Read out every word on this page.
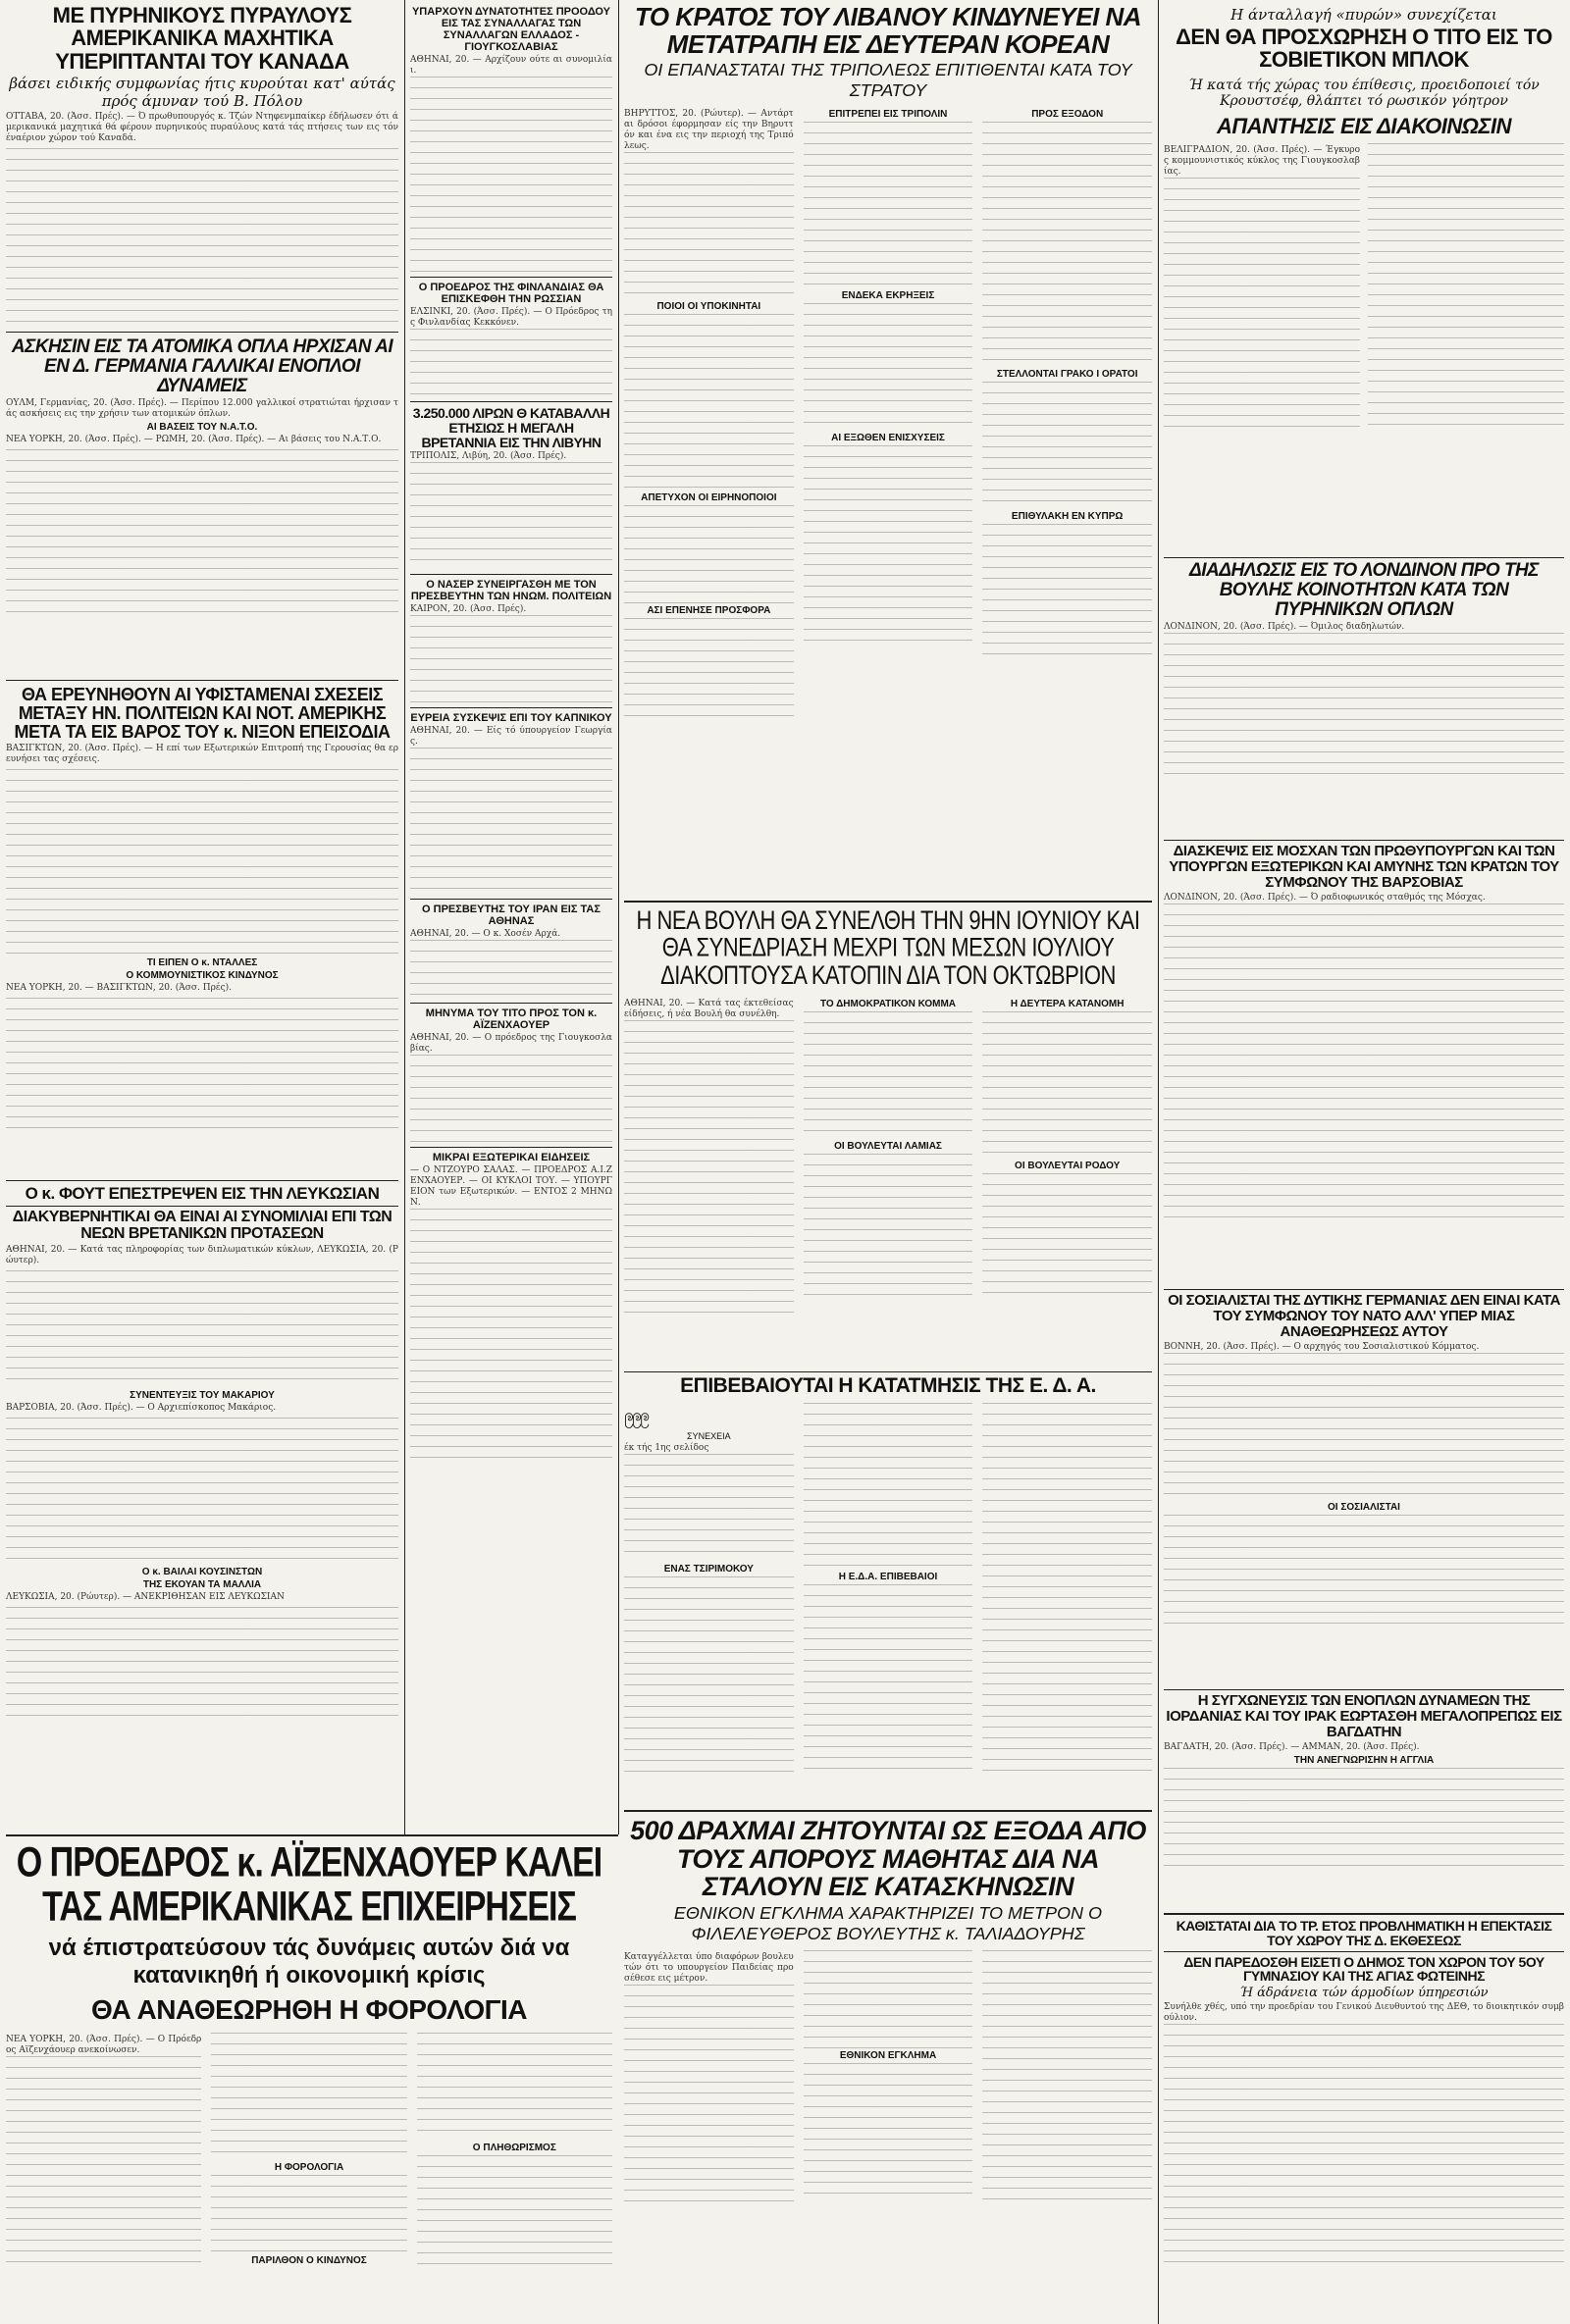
ΜΕ ΠΥΡΗΝΙΚΟΥΣ ΠΥΡΑΥΛΟΥΣ ΑΜΕΡΙΚΑΝΙΚΑ ΜΑΧΗΤΙΚΑ ΥΠΕΡΙΠΤΑΝΤΑΙ ΤΟΥ ΚΑΝΑΔΑ

βάσει ειδικής συμφωνίας ήτις κυρούται κατ' αύτάς πρός άμυναν τού Β. Πόλου

ΟΤΤΑΒΑ, 20. (Άσσ. Πρές). — Ό πρωθυπουργός κ. Τζών Ντηφενμπαίκερ έδήλωσεν ότι άμερικανικά μαχητικά θά φέρουν πυρηνικούς πυραύλους κατά τάς πτήσεις των εις τόν έναέριον χώρον τού Καναδά.

ΑΣΚΗΣΙΝ ΕΙΣ ΤΑ ΑΤΟΜΙΚΑ ΟΠΛΑ ΗΡΧΙΣΑΝ ΑΙ ΕΝ Δ. ΓΕΡΜΑΝΙΑ ΓΑΛΛΙΚΑΙ ΕΝΟΠΛΟΙ ΔΥΝΑΜΕΙΣ

ΟΥΛΜ, Γερμανίας, 20. (Άσσ. Πρές). — Περίπου 12.000 γαλλικοί στρατιώται ήρχισαν τάς ασκήσεις εις την χρήσιν των ατομικών όπλων.

ΑΙ ΒΑΣΕΙΣ ΤΟΥ Ν.Α.Τ.Ο.

ΝΕΑ ΥΟΡΚΗ, 20. (Άσσ. Πρές). — ΡΩΜΗ, 20. (Άσσ. Πρές). — Αι βάσεις του Ν.Α.Τ.Ο.

ΘΑ ΕΡΕΥΝΗΘΟΥΝ ΑΙ ΥΦΙΣΤΑΜΕΝΑΙ ΣΧΕΣΕΙΣ ΜΕΤΑΞΥ ΗΝ. ΠΟΛΙΤΕΙΩΝ ΚΑΙ ΝΟΤ. ΑΜΕΡΙΚΗΣ ΜΕΤΑ ΤΑ ΕΙΣ ΒΑΡΟΣ ΤΟΥ κ. ΝΙΞΟΝ ΕΠΕΙΣΟΔΙΑ

ΒΑΣΙΓΚΤΩΝ, 20. (Άσσ. Πρές). — Η επί των Εξωτερικών Επιτροπή της Γερουσίας θα ερευνήσει τας σχέσεις.

ΤΙ ΕΙΠΕΝ Ο κ. ΝΤΑΛΛΕΣ

Ο ΚΟΜΜΟΥΝΙΣΤΙΚΟΣ ΚΙΝΔΥΝΟΣ

ΝΕΑ ΥΟΡΚΗ, 20. — ΒΑΣΙΓΚΤΩΝ, 20. (Άσσ. Πρές).

Ο κ. ΦΟΥΤ ΕΠΕΣΤΡΕΨΕΝ ΕΙΣ ΤΗΝ ΛΕΥΚΩΣΙΑΝ
ΔΙΑΚΥΒΕΡΝΗΤΙΚΑΙ ΘΑ ΕΙΝΑΙ ΑΙ ΣΥΝΟΜΙΛΙΑΙ ΕΠΙ ΤΩΝ ΝΕΩΝ ΒΡΕΤΑΝΙΚΩΝ ΠΡΟΤΑΣΕΩΝ

ΑΘΗΝΑΙ, 20. — Κατά τας πληροφορίας των διπλωματικών κύκλων, ΛΕΥΚΩΣΙΑ, 20. (Ρώυτερ).

ΣΥΝΕΝΤΕΥΞΙΣ ΤΟΥ ΜΑΚΑΡΙΟΥ

ΒΑΡΣΟΒΙΑ, 20. (Άσσ. Πρές). — Ο Αρχιεπίσκοπος Μακάριος.

Ο κ. ΒΑΙΛΑΙ ΚΟΥΣΙΝΣΤΩΝ

ΤΗΣ ΕΚΟΥΑΝ ΤΑ ΜΑΛΛΙΑ

ΛΕΥΚΩΣΙΑ, 20. (Ρώυτερ). — ΑΝΕΚΡΙΘΗΣΑΝ ΕΙΣ ΛΕΥΚΩΣΙΑΝ

ΥΠΑΡΧΟΥΝ ΔΥΝΑΤΟΤΗΤΕΣ ΠΡΟΟΔΟΥ ΕΙΣ ΤΑΣ ΣΥΝΑΛΛΑΓΑΣ ΤΩΝ ΣΥΝΑΛΛΑΓΩΝ ΕΛΛΑΔΟΣ - ΓΙΟΥΓΚΟΣΛΑΒΙΑΣ

ΑΘΗΝΑΙ, 20. — Αρχίζουν ούτε αι συνομιλίαι.

Ο ΠΡΟΕΔΡΟΣ ΤΗΣ ΦΙΝΛΑΝΔΙΑΣ ΘΑ ΕΠΙΣΚΕΦΘΗ ΤΗΝ ΡΩΣΣΙΑΝ

ΕΛΣΙΝΚΙ, 20. (Άσσ. Πρές). — Ο Πρόεδρος της Φινλανδίας Κεκκόνεν.

3.250.000 ΛΙΡΩΝ Θ ΚΑΤΑΒΑΛΛΗ ΕΤΗΣΙΩΣ Η ΜΕΓΑΛΗ ΒΡΕΤΑΝΝΙΑ ΕΙΣ ΤΗΝ ΛΙΒΥΗΝ

ΤΡΙΠΟΛΙΣ, Λιβύη, 20. (Άσσ. Πρές).

Ο ΝΑΣΕΡ ΣΥΝΕΙΡΓΑΣΘΗ ΜΕ ΤΟΝ ΠΡΕΣΒΕΥΤΗΝ ΤΩΝ ΗΝΩΜ. ΠΟΛΙΤΕΙΩΝ

ΚΑΙΡΟΝ, 20. (Άσσ. Πρές).

ΕΥΡΕΙΑ ΣΥΣΚΕΨΙΣ ΕΠΙ ΤΟΥ ΚΑΠΝΙΚΟΥ

ΑΘΗΝΑΙ, 20. — Είς τό ύπουργείον Γεωργίας.

Ο ΠΡΕΣΒΕΥΤΗΣ ΤΟΥ ΙΡΑΝ ΕΙΣ ΤΑΣ ΑΘΗΝΑΣ

ΑΘΗΝΑΙ, 20. — Ο κ. Χοσέν Αρχά.

ΜΗΝΥΜΑ ΤΟΥ ΤΙΤΟ ΠΡΟΣ ΤΟΝ κ. ΑΪΖΕΝΧΑΟΥΕΡ

ΑΘΗΝΑΙ, 20. — Ο πρόεδρος της Γιουγκοσλαβίας.

ΜΙΚΡΑΙ ΕΞΩΤΕΡΙΚΑΙ ΕΙΔΗΣΕΙΣ

— Ο ΝΤΖΟΥΡΟ ΣΑΛΑΣ. — ΠΡΟΕΔΡΟΣ Α.Ι.ΖΕΝΧΑΟΥΕΡ. — ΟΙ ΚΥΚΛΟΙ ΤΟΥ. — ΥΠΟΥΡΓΕΙΟΝ των Εξωτερικών. — ΕΝΤΟΣ 2 ΜΗΝΩΝ.

ΤΟ ΚΡΑΤΟΣ ΤΟΥ ΛΙΒΑΝΟΥ ΚΙΝΔΥΝΕΥΕΙ ΝΑ ΜΕΤΑΤΡΑΠΗ ΕΙΣ ΔΕΥΤΕΡΑΝ ΚΟΡΕΑΝ

ΟΙ ΕΠΑΝΑΣΤΑΤΑΙ ΤΗΣ ΤΡΙΠΟΛΕΩΣ ΕΠΙΤΙΘΕΝΤΑΙ ΚΑΤΑ ΤΟΥ ΣΤΡΑΤΟΥ

ΒΗΡΥΤΤΟΣ, 20. (Ρώυτερ). — Αντάρται δρόσοι έφορμησαν είς την Βηρυττόν και ένα εις την περιοχή της Τριπόλεως.

ΠΟΙΟΙ ΟΙ ΥΠΟΚΙΝΗΤΑΙ

ΑΠΕΤΥΧΟΝ ΟΙ ΕΙΡΗΝΟΠΟΙΟΙ

ΑΣΙ ΕΠΕΝΗΣΕ ΠΡΟΣΦΟΡΑ

ΕΠΙΤΡΕΠΕΙ ΕΙΣ ΤΡΙΠΟΛΙΝ

ΕΝΔΕΚΑ ΕΚΡΗΞΕΙΣ

ΑΙ ΕΞΩΘΕΝ ΕΝΙΣΧΥΣΕΙΣ

ΠΡΟΣ ΕΞΟΔΟΝ

ΣΤΕΛΛΟΝΤΑΙ ΓΡΑΚΟ Ι ΟΡΑΤΟΙ

ΕΠΙΘΥΛΑΚΗ ΕΝ ΚΥΠΡΩ

Η ΝΕΑ ΒΟΥΛΗ ΘΑ ΣΥΝΕΛΘΗ ΤΗΝ 9ΗΝ ΙΟΥΝΙΟΥ ΚΑΙ ΘΑ ΣΥΝΕΔΡΙΑΣΗ ΜΕΧΡΙ ΤΩΝ ΜΕΣΩΝ ΙΟΥΛΙΟΥ ΔΙΑΚΟΠΤΟΥΣΑ ΚΑΤΟΠΙΝ ΔΙΑ ΤΟΝ ΟΚΤΩΒΡΙΟΝ

ΑΘΗΝΑΙ, 20. — Κατά τας έκτεθείσας είδήσεις, ή νέα Βουλή θα συνέλθη.

ΤΟ ΔΗΜΟΚΡΑΤΙΚΟΝ ΚΟΜΜΑ

ΟΙ ΒΟΥΛΕΥΤΑΙ ΛΑΜΙΑΣ

Η ΔΕΥΤΕΡΑ ΚΑΤΑΝΟΜΗ

ΟΙ ΒΟΥΛΕΥΤΑΙ ΡΟΔΟΥ

ΕΠΙΒΕΒΑΙΟΥΤΑΙ Η ΚΑΤΑΤΜΗΣΙΣ ΤΗΣ Ε. Δ. Α.
ဨဨဨ

ΣΥΝΕΧΕΙΑ

έκ τής 1ης σελίδος

ΕΝΑΣ ΤΣΙΡΙΜΟΚΟΥ

Η Ε.Δ.Α. ΕΠΙΒΕΒΑΙΟΙ

Ο ΠΡΟΕΔΡΟΣ κ. ΑΪΖΕΝΧΑΟΥΕΡ ΚΑΛΕΙ ΤΑΣ ΑΜΕΡΙΚΑΝΙΚΑΣ ΕΠΙΧΕΙΡΗΣΕΙΣ

νά έπιστρατεύσουν τάς δυνάμεις αυτών διά να κατανικηθή ή οικονομική κρίσις

ΘΑ ΑΝΑΘΕΩΡΗΘΗ Η ΦΟΡΟΛΟΓΙΑ

ΝΕΑ ΥΟΡΚΗ, 20. (Άσσ. Πρές). — Ο Πρόεδρος Αϊζενχάουερ ανεκοίνωσεν.

Η ΦΟΡΟΛΟΓΙΑ

ΠΑΡΙΛΘΟΝ Ο ΚΙΝΔΥΝΟΣ

Ο ΠΛΗΘΩΡΙΣΜΟΣ

500 ΔΡΑΧΜΑΙ ΖΗΤΟΥΝΤΑΙ ΩΣ ΕΞΟΔΑ ΑΠΟ ΤΟΥΣ ΑΠΟΡΟΥΣ ΜΑΘΗΤΑΣ ΔΙΑ ΝΑ ΣΤΑΛΟΥΝ ΕΙΣ ΚΑΤΑΣΚΗΝΩΣΙΝ

ΕΘΝΙΚΟΝ ΕΓΚΛΗΜΑ ΧΑΡΑΚΤΗΡΙΖΕΙ ΤΟ ΜΕΤΡΟΝ Ο ΦΙΛΕΛΕΥΘΕΡΟΣ ΒΟΥΛΕΥΤΗΣ κ. ΤΑΛΙΑΔΟΥΡΗΣ

Καταγγέλλεται ύπο διαφόρων βουλευτών ότι το υπουργείον Παιδείας προσέθεσε εις μέτρον.

ΕΘΝΙΚΟΝ ΕΓΚΛΗΜΑ

Η άνταλλαγή «πυρών» συνεχίζεται

ΔΕΝ ΘΑ ΠΡΟΣΧΩΡΗΣΗ Ο ΤΙΤΟ ΕΙΣ ΤΟ ΣΟΒΙΕΤΙΚΟΝ ΜΠΛΟΚ

Ή κατά τής χώρας του έπίθεσις, προειδοποιεί τόν Κρουστσέφ, θλάπτει τό ρωσικόν γόητρον

ΑΠΑΝΤΗΣΙΣ ΕΙΣ ΔΙΑΚΟΙΝΩΣΙΝ

ΒΕΛΙΓΡΑΔΙΟΝ, 20. (Άσσ. Πρές). — Έγκυρος κομμουνιστικός κύκλος της Γιουγκοσλαβίας.

ΔΙΑΔΗΛΩΣΙΣ ΕΙΣ ΤΟ ΛΟΝΔΙΝΟΝ ΠΡΟ ΤΗΣ ΒΟΥΛΗΣ ΚΟΙΝΟΤΗΤΩΝ ΚΑΤΑ ΤΩΝ ΠΥΡΗΝΙΚΩΝ ΟΠΛΩΝ

ΛΟΝΔΙΝΟΝ, 20. (Άσσ. Πρές). — Όμιλος διαδηλωτών.

ΔΙΑΣΚΕΨΙΣ ΕΙΣ ΜΟΣΧΑΝ ΤΩΝ ΠΡΩΘΥΠΟΥΡΓΩΝ ΚΑΙ ΤΩΝ ΥΠΟΥΡΓΩΝ ΕΞΩΤΕΡΙΚΩΝ ΚΑΙ ΑΜΥΝΗΣ ΤΩΝ ΚΡΑΤΩΝ ΤΟΥ ΣΥΜΦΩΝΟΥ ΤΗΣ ΒΑΡΣΟΒΙΑΣ

ΛΟΝΔΙΝΟΝ, 20. (Άσσ. Πρές). — Ό ραδιοφωνικός σταθμός της Μόσχας.

ΟΙ ΣΟΣΙΑΛΙΣΤΑΙ ΤΗΣ ΔΥΤΙΚΗΣ ΓΕΡΜΑΝΙΑΣ ΔΕΝ ΕΙΝΑΙ ΚΑΤΑ ΤΟΥ ΣΥΜΦΩΝΟΥ ΤΟΥ ΝΑΤΟ ΑΛΛ' ΥΠΕΡ ΜΙΑΣ ΑΝΑΘΕΩΡΗΣΕΩΣ ΑΥΤΟΥ

ΒΟΝΝΗ, 20. (Άσσ. Πρές). — Ο αρχηγός του Σοσιαλιστικού Κόμματος.

ΟΙ ΣΟΣΙΑΛΙΣΤΑΙ

Η ΣΥΓΧΩΝΕΥΣΙΣ ΤΩΝ ΕΝΟΠΛΩΝ ΔΥΝΑΜΕΩΝ ΤΗΣ ΙΟΡΔΑΝΙΑΣ ΚΑΙ ΤΟΥ ΙΡΑΚ ΕΩΡΤΑΣΘΗ ΜΕΓΑΛΟΠΡΕΠΩΣ ΕΙΣ ΒΑΓΔΑΤΗΝ

ΒΑΓΔΑΤΗ, 20. (Άσσ. Πρές). — ΑΜΜΑΝ, 20. (Άσσ. Πρές).

ΤΗΝ ΑΝΕΓΝΩΡΙΣΗΝ Η ΑΓΓΛΙΑ

ΚΑΘΙΣΤΑΤΑΙ ΔΙΑ ΤΟ ΤΡ. ΕΤΟΣ ΠΡΟΒΛΗΜΑΤΙΚΗ Η ΕΠΕΚΤΑΣΙΣ ΤΟΥ ΧΩΡΟΥ ΤΗΣ Δ. ΕΚΘΕΣΕΩΣ
ΔΕΝ ΠΑΡΕΔΟΣΘΗ ΕΙΣΕΤΙ Ο ΔΗΜΟΣ ΤΟΝ ΧΩΡΟΝ ΤΟΥ 5ΟΥ ΓΥΜΝΑΣΙΟΥ ΚΑΙ ΤΗΣ ΑΓΙΑΣ ΦΩΤΕΙΝΗΣ

Ή άδράνεια τών άρμοδίων ύπηρεσιών

Συνήλθε χθές, υπό την προεδρίαν του Γενικού Διευθυντού της ΔΕΘ, το διοικητικόν συμβούλιον.
